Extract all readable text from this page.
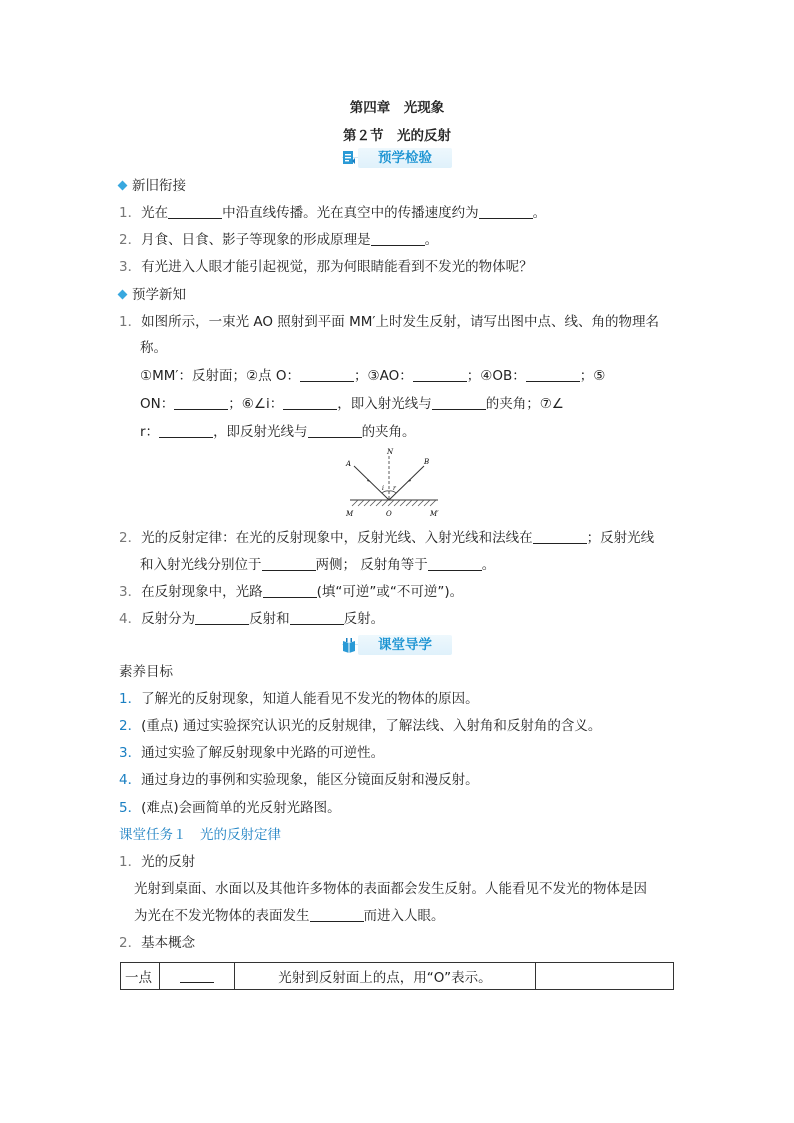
第四章　光现象
第２节　光的反射
预学检验
新旧衔接
1．光在	中沿直线传播。光在真空中的传播速度约为	。
2．月食、日食、影子等现象的形成原理是	。
3．有光进入人眼才能引起视觉，那为何眼睛能看到不发光的物体呢？
预学新知
1．如图所示，一束光 AO 照射到平面 MM′上时发生反射，请写出图中点、线、角的物理名
称。
①MM′：反射面；②点 O：	；③AO：	；④OB：	；⑤
ON：	；⑥∠i：	，即入射光线与	的夹角；⑦∠
r：	，即反射光线与	的夹角。
A
N
B
M	O	M′
i r
2．光的反射定律：在光的反射现象中，反射光线、入射光线和法线在	；反射光线
和入射光线分别位于	两侧； 反射角等于	。
3．在反射现象中，光路	(填“可逆”或“不可逆”)。
4．反射分为	反射和	反射。
课堂导学
素养目标
1．了解光的反射现象，知道人能看见不发光的物体的原因。
2．(重点) 通过实验探究认识光的反射规律，了解法线、入射角和反射角的含义。
3．通过实验了解反射现象中光路的可逆性。
4．通过身边的事例和实验现象，能区分镜面反射和漫反射。
5．(难点)会画简单的光反射光路图。
课堂任务１　光的反射定律
1．光的反射
光射到桌面、水面以及其他许多物体的表面都会发生反射。人能看见不发光的物体是因
为光在不发光物体的表面发生	而进入人眼。
2．基本概念
一点		光射到反射面上的点，用“O”表示。	
